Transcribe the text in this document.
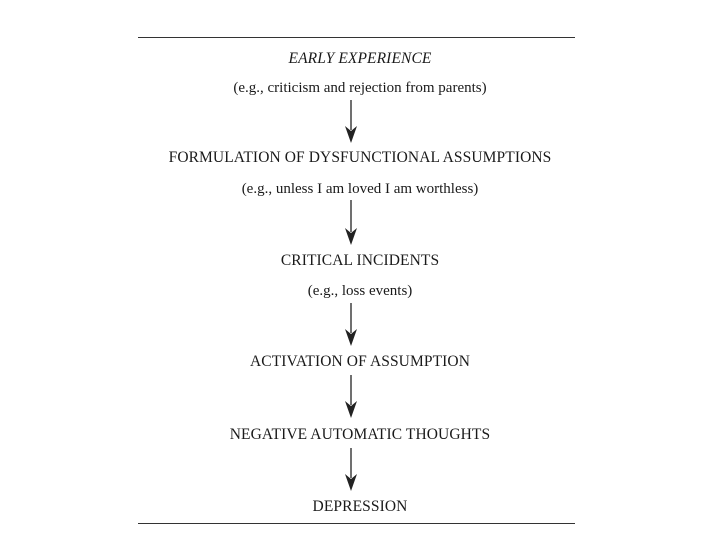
EARLY EXPERIENCE
(e.g., criticism and rejection from parents)
FORMULATION OF DYSFUNCTIONAL ASSUMPTIONS
(e.g., unless I am loved I am worthless)
CRITICAL INCIDENTS
(e.g., loss events)
ACTIVATION OF ASSUMPTION
NEGATIVE AUTOMATIC THOUGHTS
DEPRESSION
